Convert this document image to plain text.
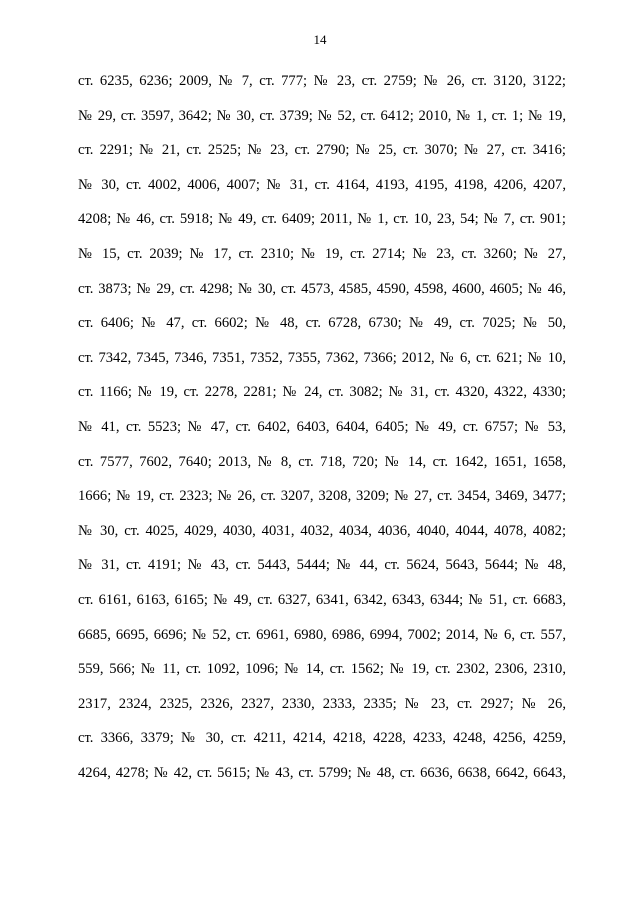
14
ст. 6235, 6236; 2009, № 7, ст. 777; № 23, ст. 2759; № 26, ст. 3120, 3122;
№ 29, ст. 3597, 3642; № 30, ст. 3739; № 52, ст. 6412; 2010, № 1, ст. 1; № 19,
ст. 2291; № 21, ст. 2525; № 23, ст. 2790; № 25, ст. 3070; № 27, ст. 3416;
№ 30, ст. 4002, 4006, 4007; № 31, ст. 4164, 4193, 4195, 4198, 4206, 4207,
4208; № 46, ст. 5918; № 49, ст. 6409; 2011, № 1, ст. 10, 23, 54; № 7, ст. 901;
№ 15, ст. 2039; № 17, ст. 2310; № 19, ст. 2714; № 23, ст. 3260; № 27,
ст. 3873; № 29, ст. 4298; № 30, ст. 4573, 4585, 4590, 4598, 4600, 4605; № 46,
ст. 6406; № 47, ст. 6602; № 48, ст. 6728, 6730; № 49, ст. 7025; № 50,
ст. 7342, 7345, 7346, 7351, 7352, 7355, 7362, 7366; 2012, № 6, ст. 621; № 10,
ст. 1166; № 19, ст. 2278, 2281; № 24, ст. 3082; № 31, ст. 4320, 4322, 4330;
№ 41, ст. 5523; № 47, ст. 6402, 6403, 6404, 6405; № 49, ст. 6757; № 53,
ст. 7577, 7602, 7640; 2013, № 8, ст. 718, 720; № 14, ст. 1642, 1651, 1658,
1666; № 19, ст. 2323; № 26, ст. 3207, 3208, 3209; № 27, ст. 3454, 3469, 3477;
№ 30, ст. 4025, 4029, 4030, 4031, 4032, 4034, 4036, 4040, 4044, 4078, 4082;
№ 31, ст. 4191; № 43, ст. 5443, 5444; № 44, ст. 5624, 5643, 5644; № 48,
ст. 6161, 6163, 6165; № 49, ст. 6327, 6341, 6342, 6343, 6344; № 51, ст. 6683,
6685, 6695, 6696; № 52, ст. 6961, 6980, 6986, 6994, 7002; 2014, № 6, ст. 557,
559, 566; № 11, ст. 1092, 1096; № 14, ст. 1562; № 19, ст. 2302, 2306, 2310,
2317, 2324, 2325, 2326, 2327, 2330, 2333, 2335; № 23, ст. 2927; № 26,
ст. 3366, 3379; № 30, ст. 4211, 4214, 4218, 4228, 4233, 4248, 4256, 4259,
4264, 4278; № 42, ст. 5615; № 43, ст. 5799; № 48, ст. 6636, 6638, 6642, 6643,
